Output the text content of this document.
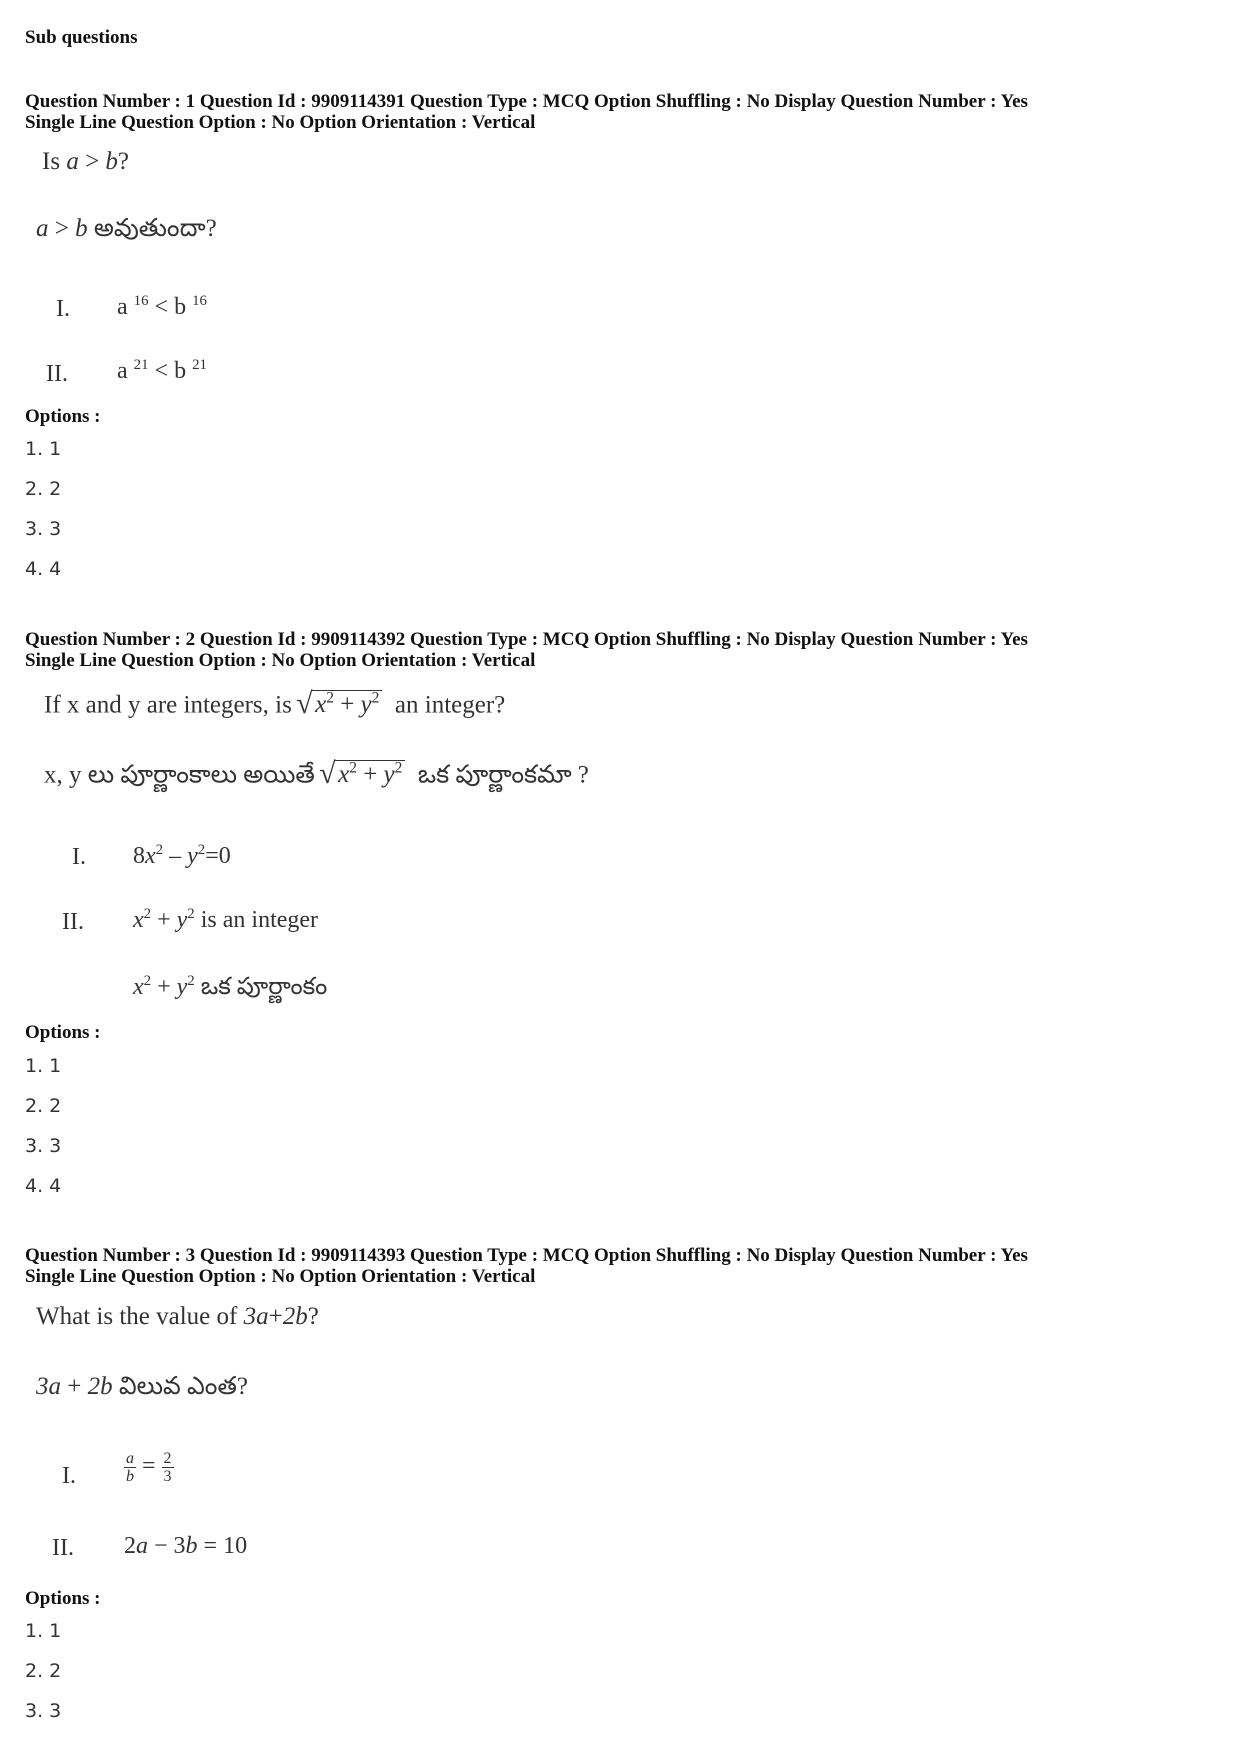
Sub questions
Question Number : 1 Question Id : 9909114391 Question Type : MCQ Option Shuffling : No Display Question Number : Yes
Single Line Question Option : No Option Orientation : Vertical
Is a > b?
a > b అవుతుందా?
I. a $^{16}$ < b $^{16}$
II. a $^{21}$ < b $^{21}$
Options :
1. 1
2. 2
3. 3
4. 4
Question Number : 2 Question Id : 9909114392 Question Type : MCQ Option Shuffling : No Display Question Number : Yes
Single Line Question Option : No Option Orientation : Vertical
If x and y are integers, is √ $x^2 + y^2$ an integer?
x, y లు పూర్ణాంకాలు అయితే √ $x^2 + y^2$ ఒక పూర్ణాంకమా ?
I. $8x^2 - y^2=0$
II. $x^2 + y^2$ is an integer
$x^2 + y^2$ ఒక పూర్ణాంకం
Options :
1. 1
2. 2
3. 3
4. 4
Question Number : 3 Question Id : 9909114393 Question Type : MCQ Option Shuffling : No Display Question Number : Yes
Single Line Question Option : No Option Orientation : Vertical
What is the value of 3a+2b?
3a + 2b విలువ ఎంత?
I.	$\frac{a}{b} = \frac{2}{3}$
II. 2a − 3b = 10
Options :
1. 1
2. 2
3. 3
